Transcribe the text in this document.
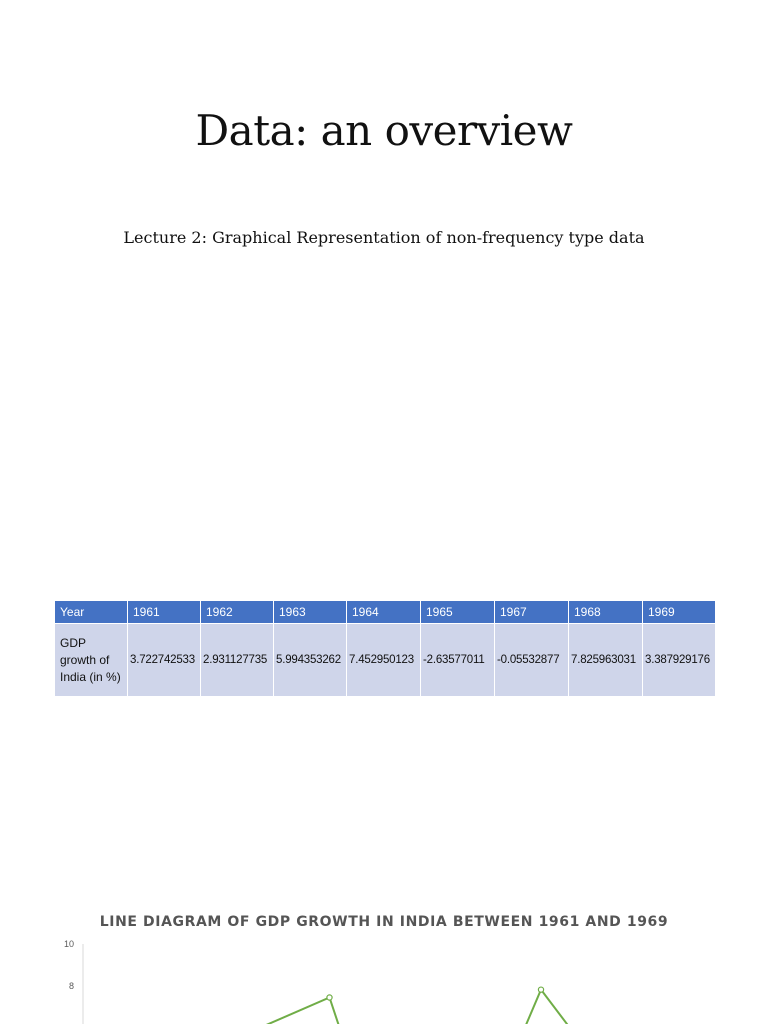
Data: an overview

Lecture 2: Graphical Representation of non-frequency type data

Year	1961	1962	1963	1964	1965	1967	1968	1969
GDP growth of India (in %)	3.722742533	2.931127735	5.994353262	7.452950123	-2.63577011	-0.05532877	7.825963031	3.387929176
LINE DIAGRAM OF GDP GROWTH IN INDIA BETWEEN 1961 AND 1969
10
8
